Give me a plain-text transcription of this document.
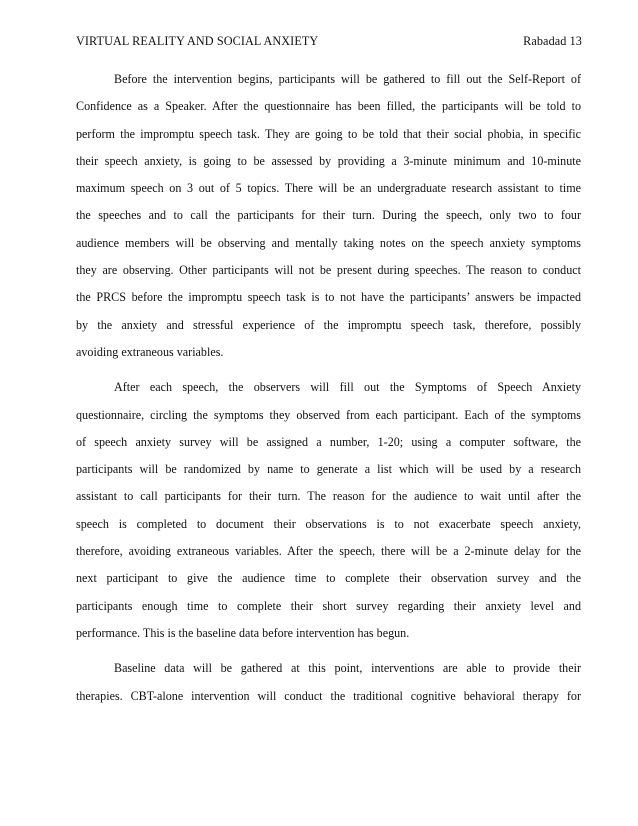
VIRTUAL REALITY AND SOCIAL ANXIETY	Rabadad 13

Before the intervention begins, participants will be gathered to fill out the Self-Report of
Confidence as a Speaker. After the questionnaire has been filled, the participants will be told to
perform the impromptu speech task. They are going to be told that their social phobia, in specific
their speech anxiety, is going to be assessed by providing a 3-minute minimum and 10-minute
maximum speech on 3 out of 5 topics. There will be an undergraduate research assistant to time
the speeches and to call the participants for their turn. During the speech, only two to four
audience members will be observing and mentally taking notes on the speech anxiety symptoms
they are observing. Other participants will not be present during speeches. The reason to conduct
the PRCS before the impromptu speech task is to not have the participants’ answers be impacted
by the anxiety and stressful experience of the impromptu speech task, therefore, possibly
avoiding extraneous variables.

After each speech, the observers will fill out the Symptoms of Speech Anxiety
questionnaire, circling the symptoms they observed from each participant. Each of the symptoms
of speech anxiety survey will be assigned a number, 1-20; using a computer software, the
participants will be randomized by name to generate a list which will be used by a research
assistant to call participants for their turn. The reason for the audience to wait until after the
speech is completed to document their observations is to not exacerbate speech anxiety,
therefore, avoiding extraneous variables. After the speech, there will be a 2-minute delay for the
next participant to give the audience time to complete their observation survey and the
participants enough time to complete their short survey regarding their anxiety level and
performance. This is the baseline data before intervention has begun.

Baseline data will be gathered at this point, interventions are able to provide their
therapies. CBT-alone intervention will conduct the traditional cognitive behavioral therapy for
